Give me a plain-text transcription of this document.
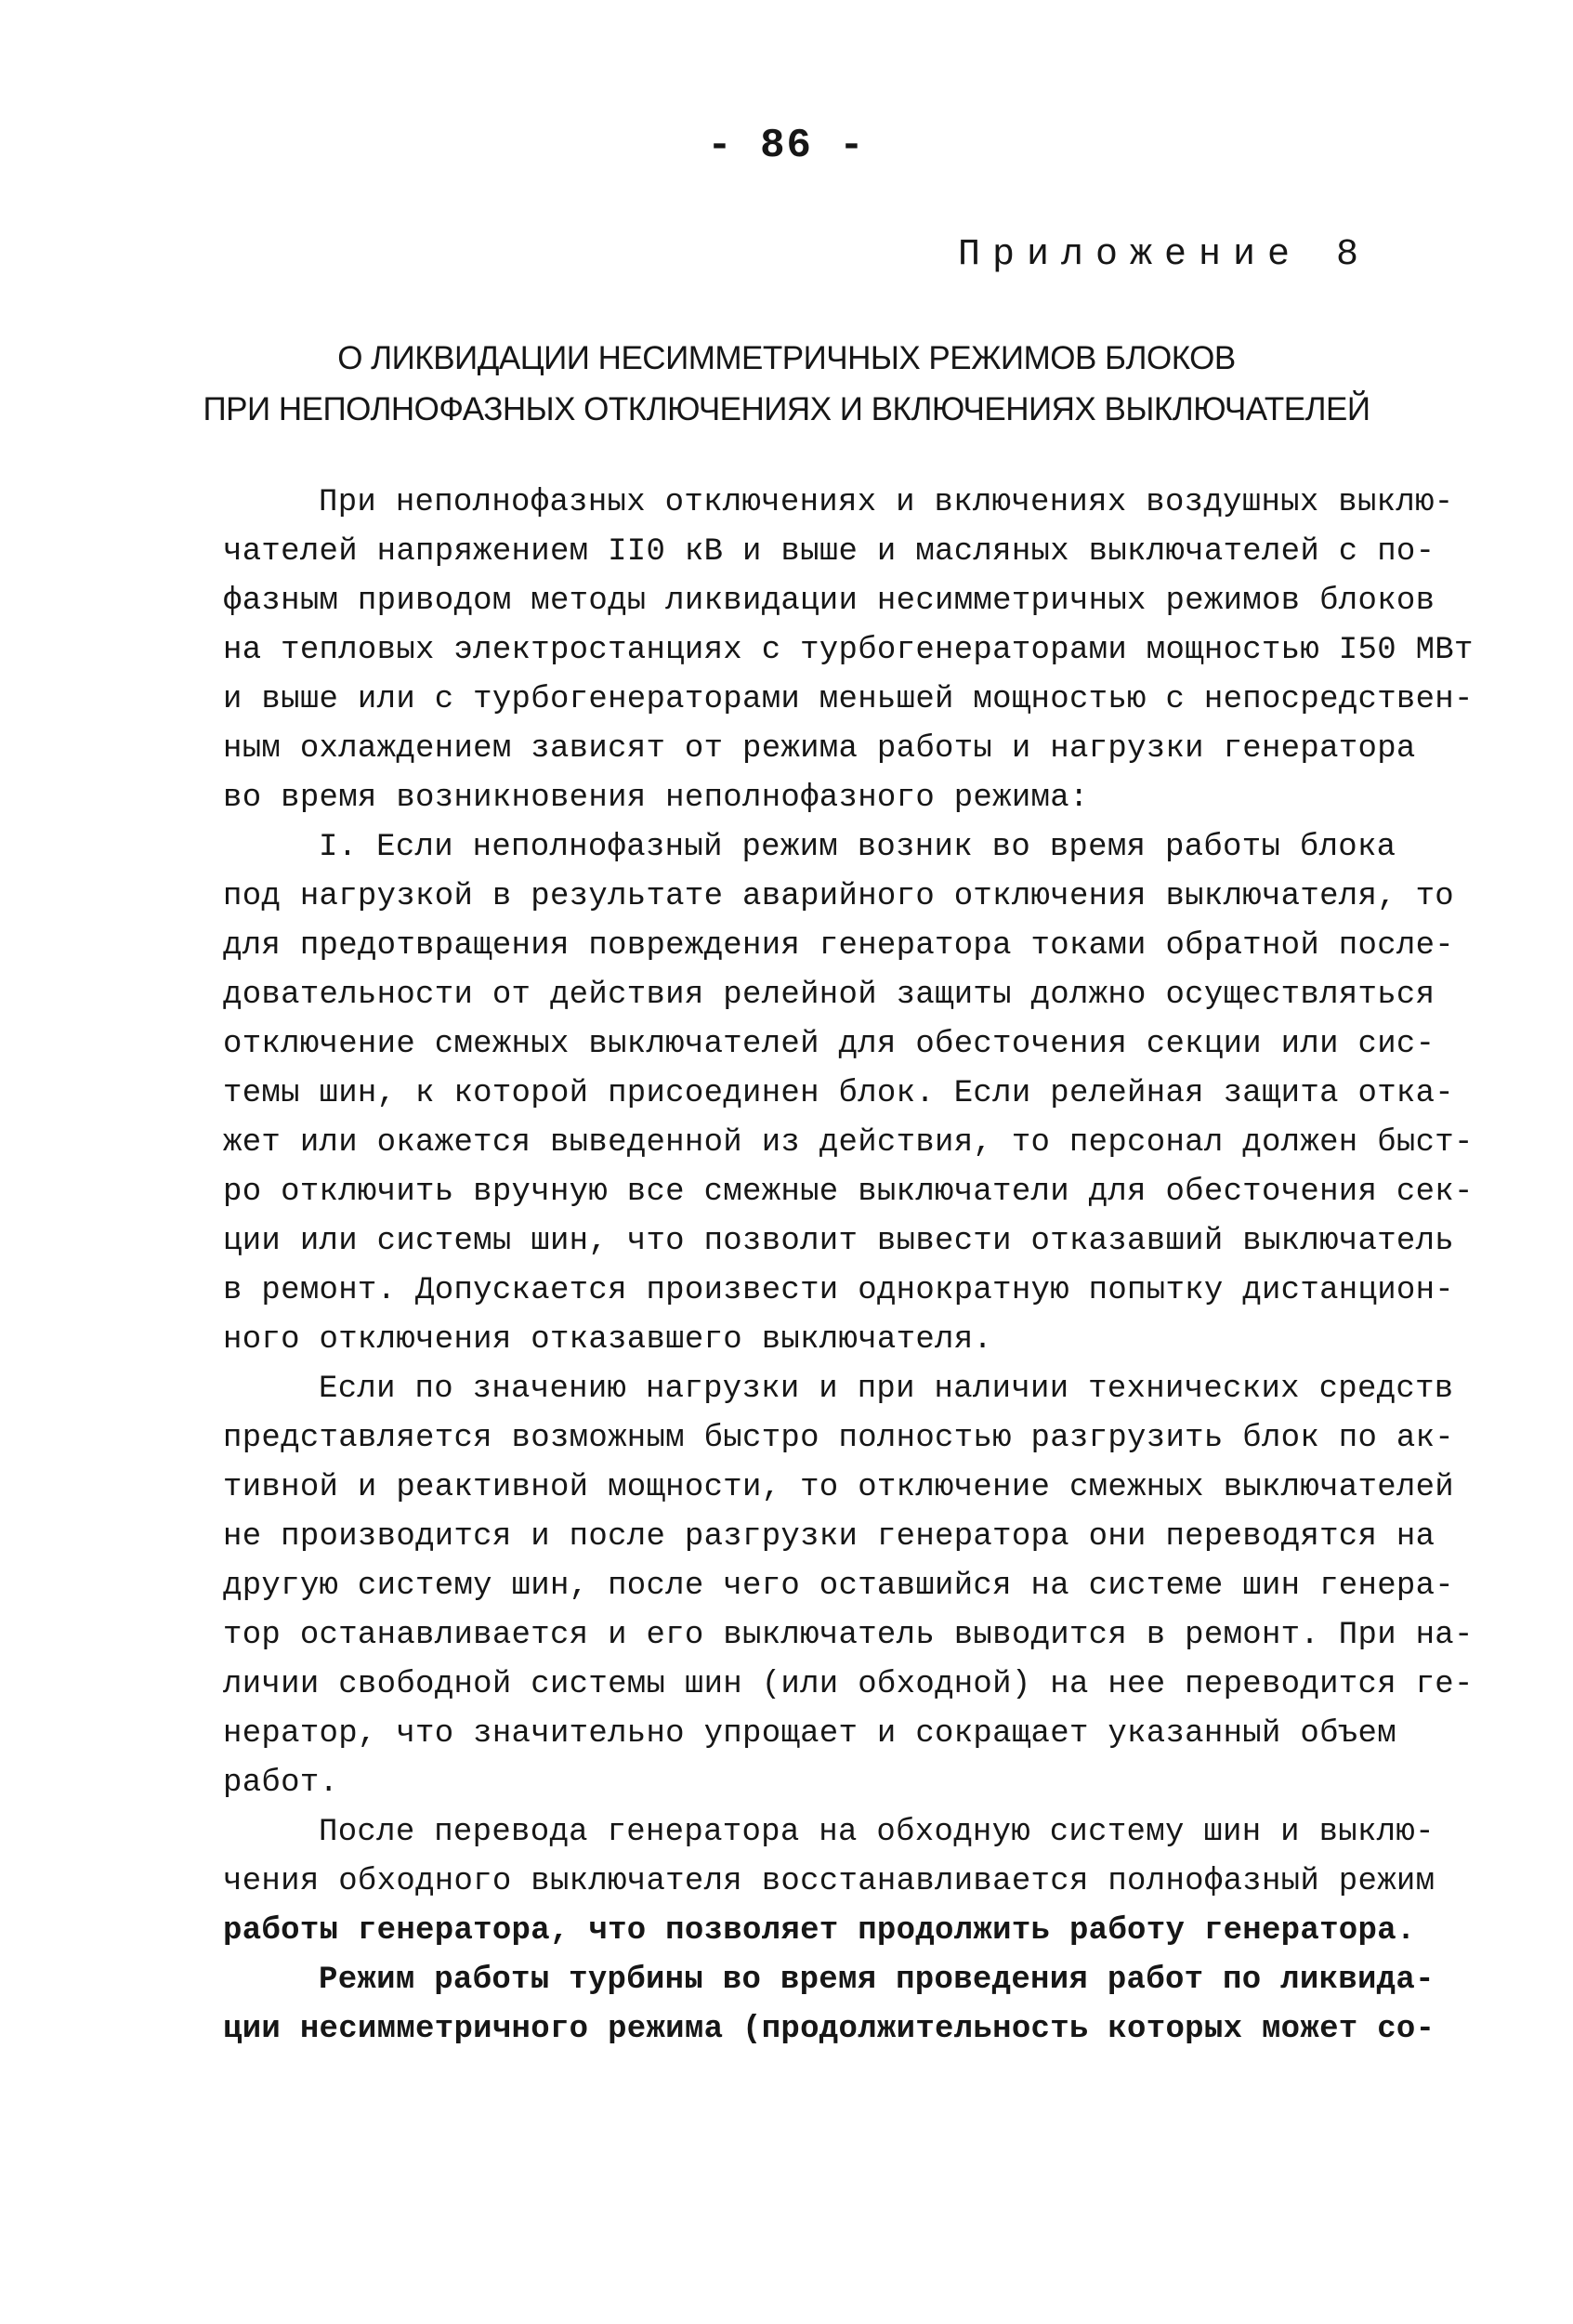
- 86 -
Приложение 8
О ЛИКВИДАЦИИ НЕСИММЕТРИЧНЫХ РЕЖИМОВ БЛОКОВ
ПРИ НЕПОЛНОФАЗНЫХ ОТКЛЮЧЕНИЯХ И ВКЛЮЧЕНИЯХ ВЫКЛЮЧАТЕЛЕЙ
При неполнофазных отключениях и включениях воздушных выклю-
чателей напряжением II0 кВ и выше и масляных выключателей с по-
фазным приводом методы ликвидации несимметричных режимов блоков
на тепловых электростанциях с турбогенераторами мощностью I50 МВт
и выше или с турбогенераторами меньшей мощностью с непосредствен-
ным охлаждением зависят от режима работы и нагрузки генератора
во время возникновения неполнофазного режима:
I. Если неполнофазный режим возник во время работы блока
под нагрузкой в результате аварийного отключения выключателя, то
для предотвращения повреждения генератора токами обратной после-
довательности от действия релейной защиты должно осуществляться
отключение смежных выключателей для обесточения секции или сис-
темы шин, к которой присоединен блок. Если релейная защита отка-
жет или окажется выведенной из действия, то персонал должен быст-
ро отключить вручную все смежные выключатели для обесточения сек-
ции или системы шин, что позволит вывести отказавший выключатель
в ремонт. Допускается произвести однократную попытку дистанцион-
ного отключения отказавшего выключателя.
Если по значению нагрузки и при наличии технических средств
представляется возможным быстро полностью разгрузить блок по ак-
тивной и реактивной мощности, то отключение смежных выключателей
не производится и после разгрузки генератора они переводятся на
другую систему шин, после чего оставшийся на системе шин генера-
тор останавливается и его выключатель выводится в ремонт. При на-
личии свободной системы шин (или обходной) на нее переводится ге-
нератор, что значительно упрощает и сокращает указанный объем
работ.
После перевода генератора на обходную систему шин и выклю-
чения обходного выключателя восстанавливается полнофазный режим
работы генератора, что позволяет продолжить работу генератора.
Режим работы турбины во время проведения работ по ликвида-
ции несимметричного режима (продолжительность которых может со-
